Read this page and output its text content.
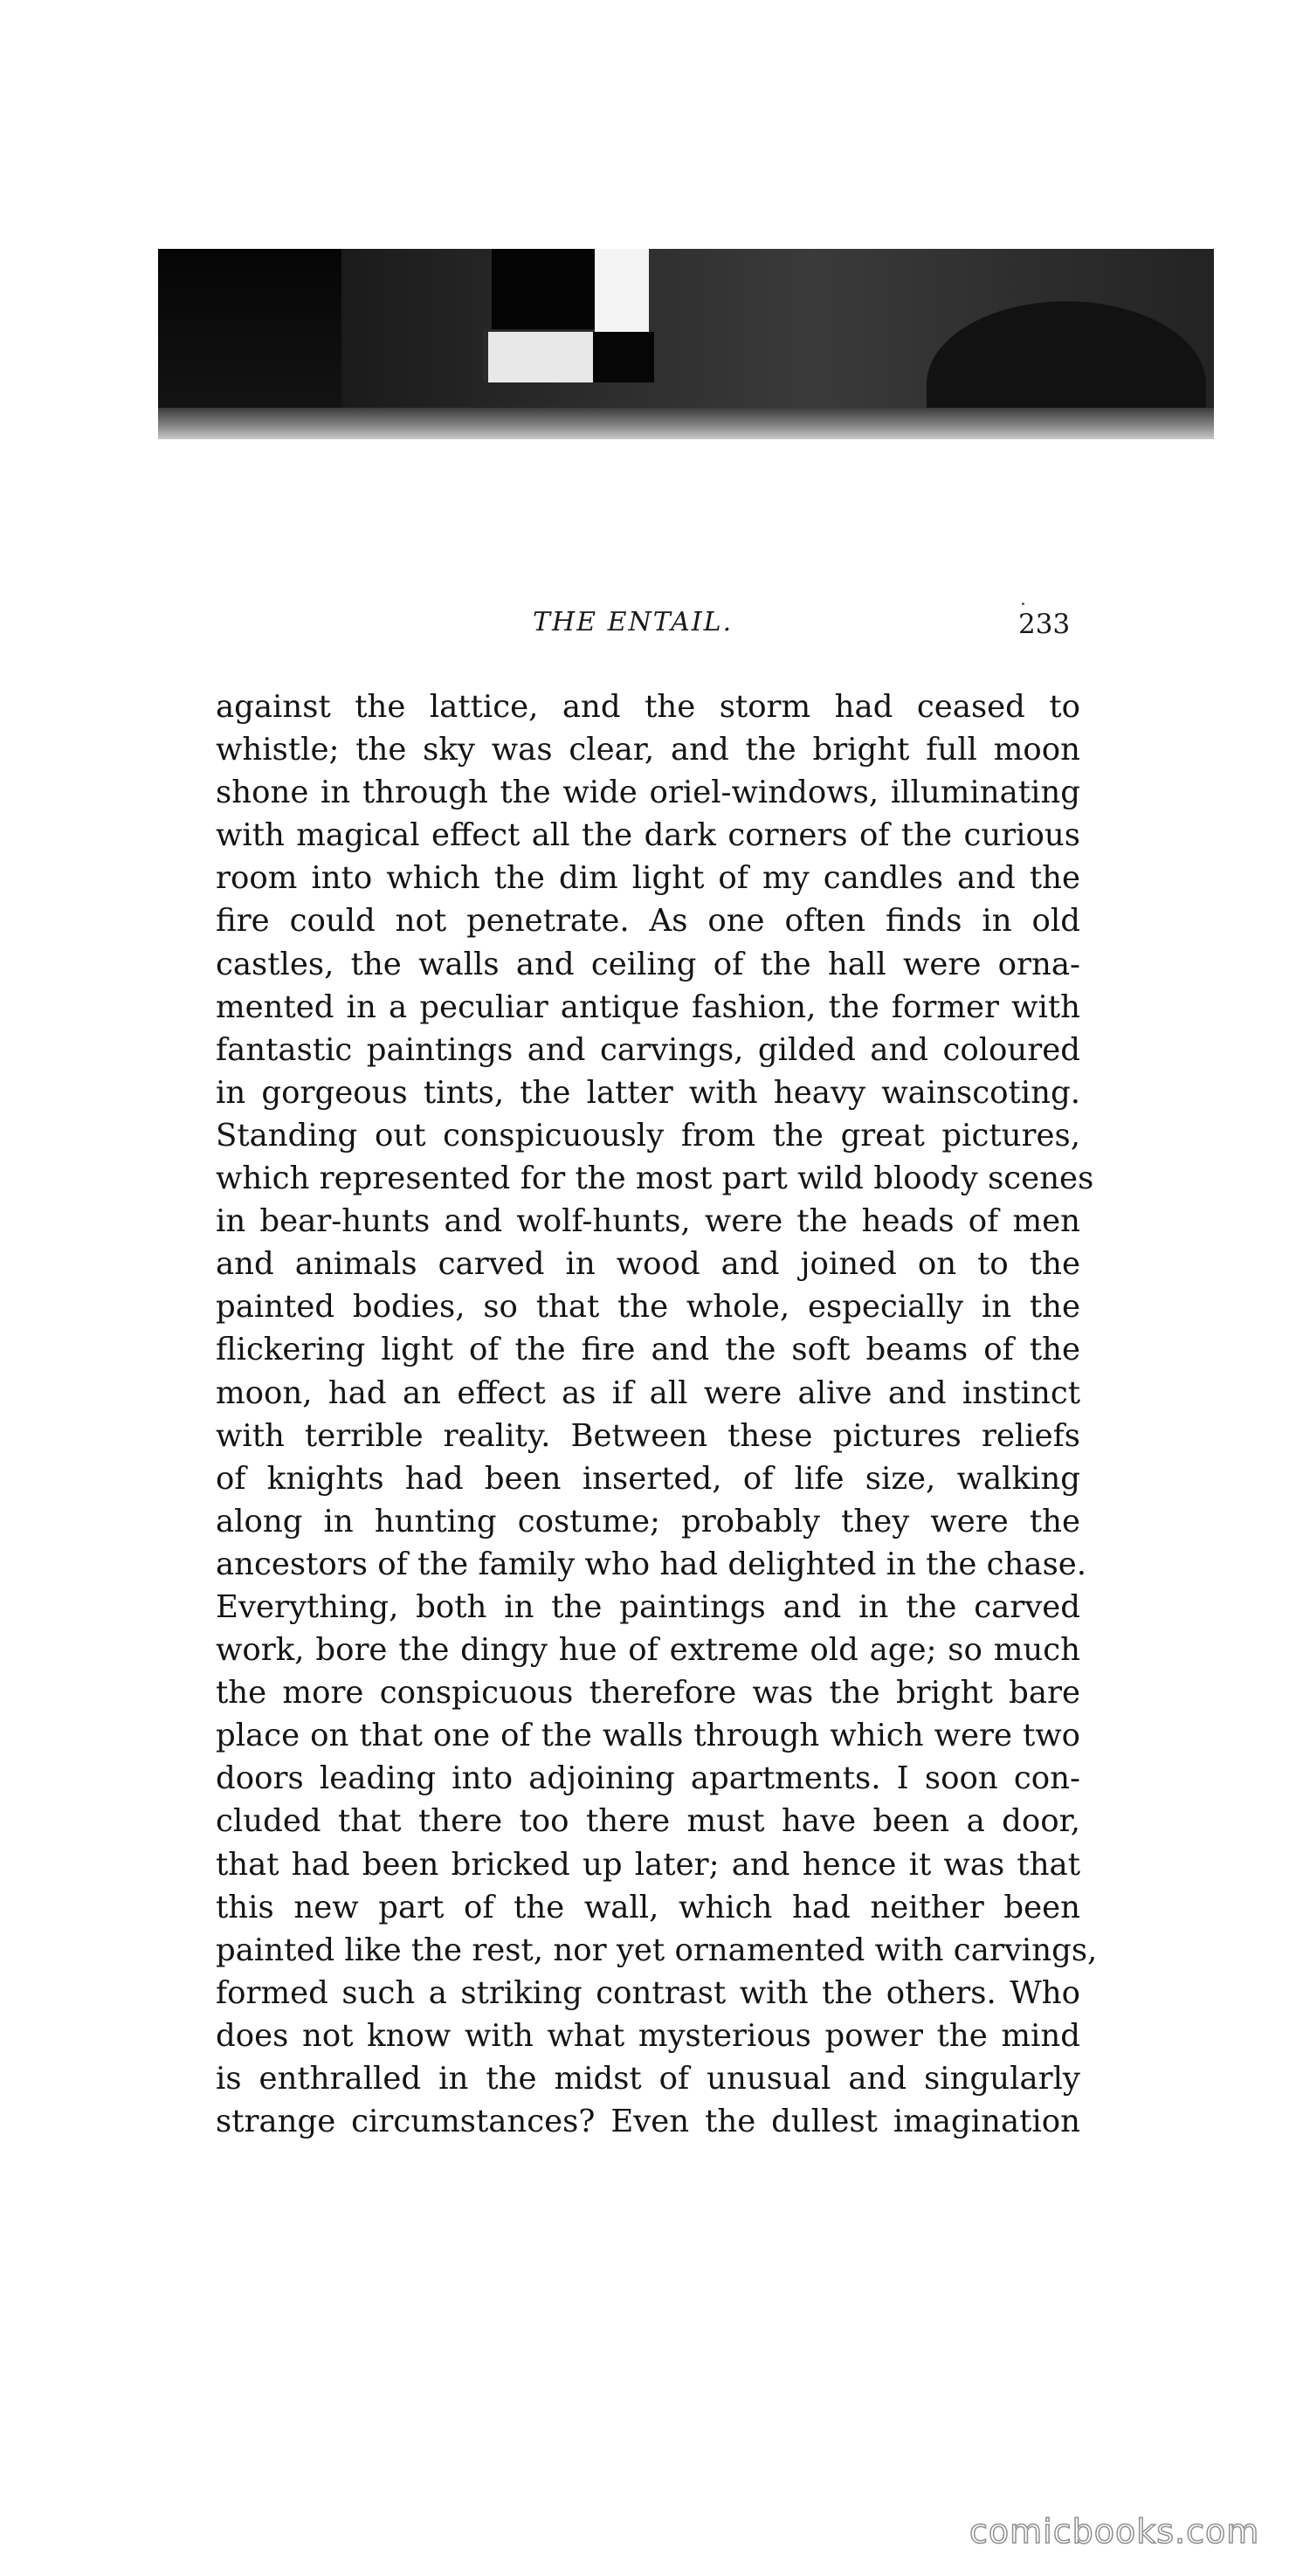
THE ENTAIL.	233
against the lattice, and the storm had ceased to
whistle; the sky was clear, and the bright full moon
shone in through the wide oriel-windows, illuminating
with magical effect all the dark corners of the curious
room into which the dim light of my candles and the
fire could not penetrate. As one often finds in old
castles, the walls and ceiling of the hall were orna-
mented in a peculiar antique fashion, the former with
fantastic paintings and carvings, gilded and coloured
in gorgeous tints, the latter with heavy wainscoting.
Standing out conspicuously from the great pictures,
which represented for the most part wild bloody scenes
in bear-hunts and wolf-hunts, were the heads of men
and animals carved in wood and joined on to the
painted bodies, so that the whole, especially in the
flickering light of the fire and the soft beams of the
moon, had an effect as if all were alive and instinct
with terrible reality. Between these pictures reliefs
of knights had been inserted, of life size, walking
along in hunting costume; probably they were the
ancestors of the family who had delighted in the chase.
Everything, both in the paintings and in the carved
work, bore the dingy hue of extreme old age; so much
the more conspicuous therefore was the bright bare
place on that one of the walls through which were two
doors leading into adjoining apartments. I soon con-
cluded that there too there must have been a door,
that had been bricked up later; and hence it was that
this new part of the wall, which had neither been
painted like the rest, nor yet ornamented with carvings,
formed such a striking contrast with the others. Who
does not know with what mysterious power the mind
is enthralled in the midst of unusual and singularly
strange circumstances? Even the dullest imagination
comicbooks.com
